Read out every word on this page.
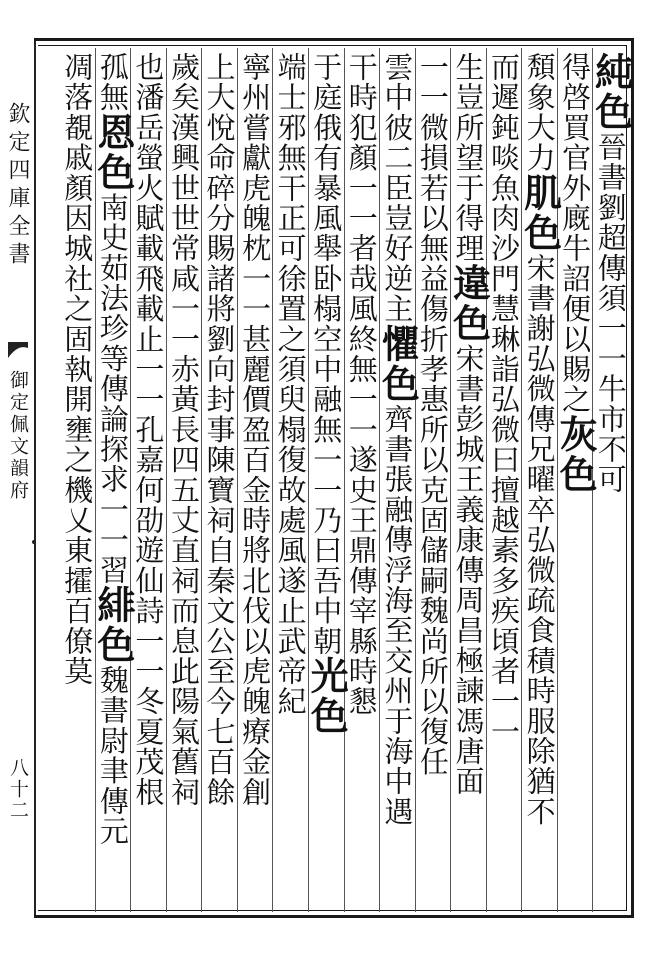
欽定四庫全書
御定佩文韻府
八十二
純色晉書劉超傳須一一牛市不可
得啓買官外廐牛詔便以賜之灰色
頽象大力肌色宋書謝弘微傳兄曜卒弘微疏食積時服除猶不
而遲鈍啖魚肉沙門慧琳詣弘微曰擅越素多疾頃者一一
生豈所望于得理違色宋書彭城王義康傳周昌極諫馮唐面
一一微損若以無益傷折孝惠所以克固儲嗣魏尚所以復任
雲中彼二臣豈好逆主懼色齊書張融傳浮海至交州于海中遇
干時犯顏一一者哉風終無一一遂史王鼎傳宰縣時懇
于庭俄有暴風舉卧榻空中融無一一乃曰吾中朝光色
端士邪無干正可徐置之須臾榻復故處風遂止武帝紀
寧州嘗獻虎魄枕一一甚麗價盈百金時將北伐以虎魄療金創
上大悅命碎分賜諸將劉向封事陳寶祠自秦文公至今七百餘
歲矣漢興世世常咸一一赤黃長四五丈直祠而息此陽氣舊祠
也潘岳螢火賦載飛載止一一孔嘉何劭遊仙詩一一冬夏茂根
孤無恩色南史茹法珍等傳論探求一一習緋色魏書尉聿傳元
凋落覩戚顏因城社之固執開壅之機乂東攉百僚莫
